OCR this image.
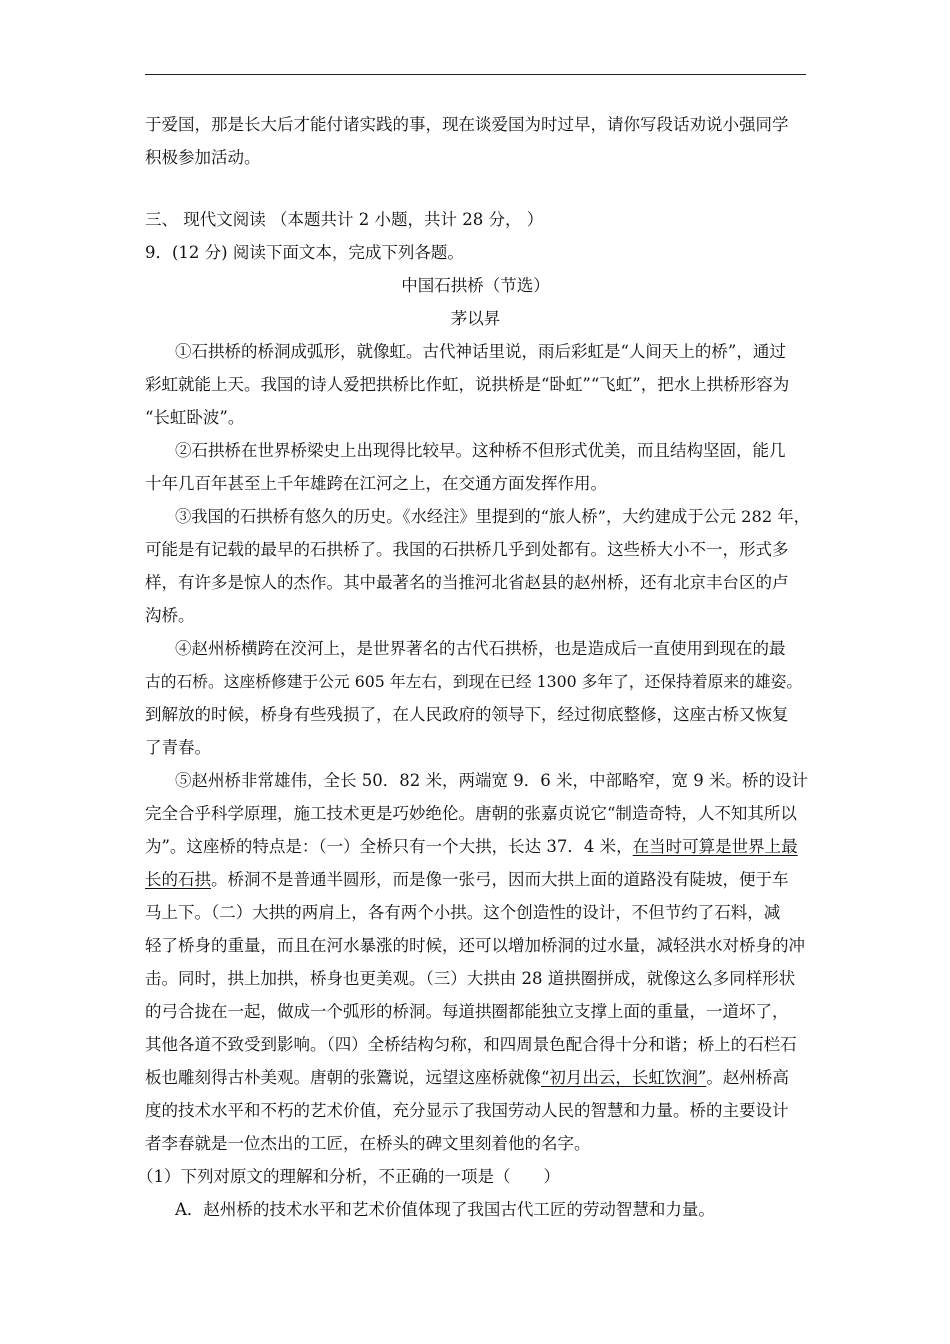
于爱国，那是长大后才能付诸实践的事，现在谈爱国为时过早，请你写段话劝说小强同学
积极参加活动。
三、 现代文阅读 （本题共计 2 小题，共计 28 分， ）
9．(12 分) 阅读下面文本，完成下列各题。
中国石拱桥（节选）
茅以昇
①石拱桥的桥洞成弧形，就像虹。古代神话里说，雨后彩虹是“人间天上的桥”，通过
彩虹就能上天。我国的诗人爱把拱桥比作虹，说拱桥是“卧虹”“飞虹”，把水上拱桥形容为
“长虹卧波”。
②石拱桥在世界桥梁史上出现得比较早。这种桥不但形式优美，而且结构坚固，能几
十年几百年甚至上千年雄跨在江河之上，在交通方面发挥作用。
③我国的石拱桥有悠久的历史。《水经注》里提到的“旅人桥”，大约建成于公元 282 年，
可能是有记载的最早的石拱桥了。我国的石拱桥几乎到处都有。这些桥大小不一，形式多
样，有许多是惊人的杰作。其中最著名的当推河北省赵县的赵州桥，还有北京丰台区的卢
沟桥。
④赵州桥横跨在洨河上，是世界著名的古代石拱桥，也是造成后一直使用到现在的最
古的石桥。这座桥修建于公元 605 年左右，到现在已经 1300 多年了，还保持着原来的雄姿。
到解放的时候，桥身有些残损了，在人民政府的领导下，经过彻底整修，这座古桥又恢复
了青春。
⑤赵州桥非常雄伟，全长 50．82 米，两端宽 9．6 米，中部略窄，宽 9 米。桥的设计
完全合乎科学原理，施工技术更是巧妙绝伦。唐朝的张嘉贞说它“制造奇特，人不知其所以
为”。这座桥的特点是：（一）全桥只有一个大拱，长达 37．4 米，在当时可算是世界上最
长的石拱。桥洞不是普通半圆形，而是像一张弓，因而大拱上面的道路没有陡坡，便于车
马上下。（二）大拱的两肩上，各有两个小拱。这个创造性的设计，不但节约了石料，减
轻了桥身的重量，而且在河水暴涨的时候，还可以增加桥洞的过水量，减轻洪水对桥身的冲
击。同时，拱上加拱，桥身也更美观。（三）大拱由 28 道拱圈拼成，就像这么多同样形状
的弓合拢在一起，做成一个弧形的桥洞。每道拱圈都能独立支撑上面的重量，一道坏了，
其他各道不致受到影响。（四）全桥结构匀称，和四周景色配合得十分和谐；桥上的石栏石
板也雕刻得古朴美观。唐朝的张鷟说，远望这座桥就像“初月出云，长虹饮涧”。赵州桥高
度的技术水平和不朽的艺术价值，充分显示了我国劳动人民的智慧和力量。桥的主要设计
者李春就是一位杰出的工匠，在桥头的碑文里刻着他的名字。
（1）下列对原文的理解和分析，不正确的一项是（　　）
A．赵州桥的技术水平和艺术价值体现了我国古代工匠的劳动智慧和力量。
